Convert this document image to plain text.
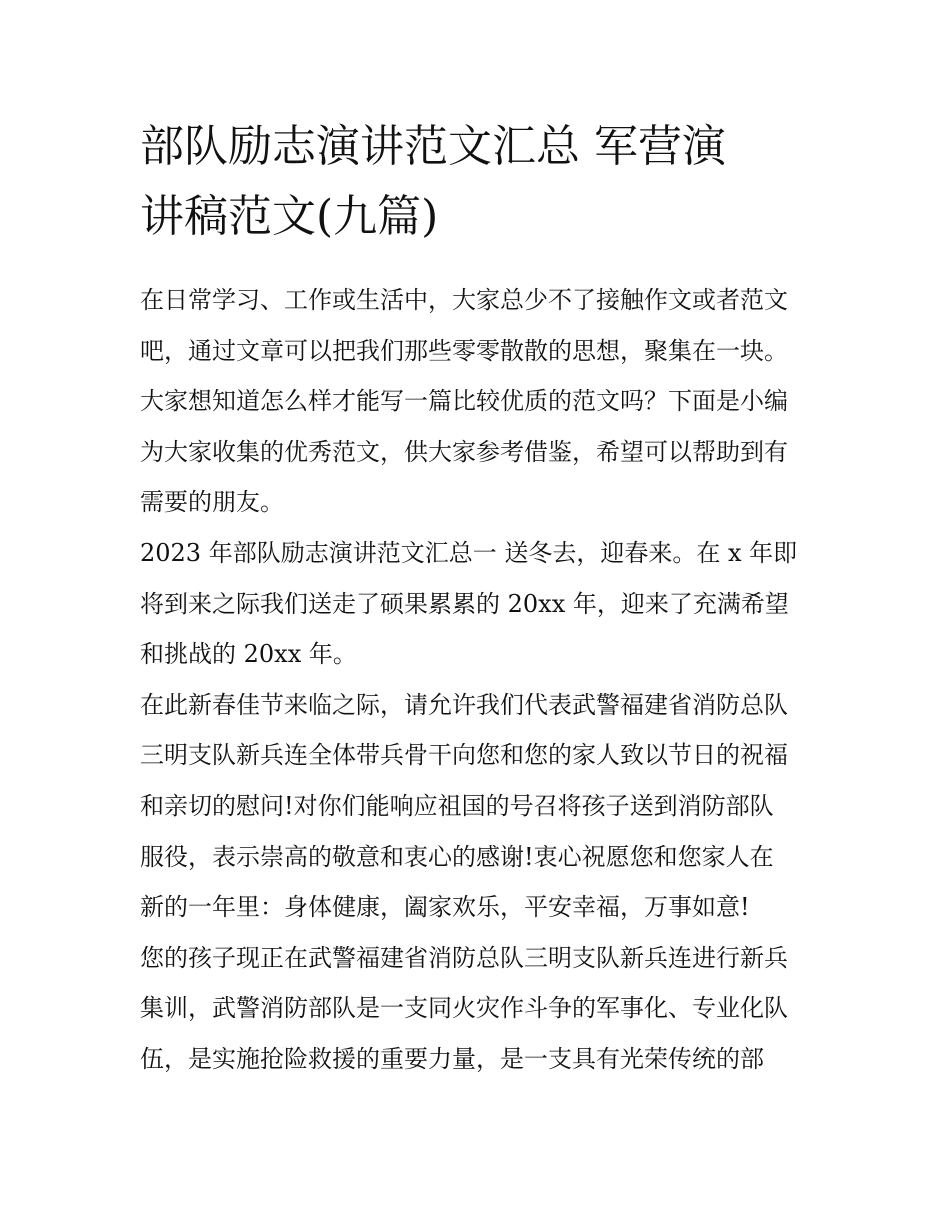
部队励志演讲范文汇总 军营演
讲稿范文(九篇)
在日常学习、工作或生活中，大家总少不了接触作文或者范文
吧，通过文章可以把我们那些零零散散的思想，聚集在一块。
大家想知道怎么样才能写一篇比较优质的范文吗？下面是小编
为大家收集的优秀范文，供大家参考借鉴，希望可以帮助到有
需要的朋友。
2023 年部队励志演讲范文汇总一 送冬去，迎春来。在 x 年即
将到来之际我们送走了硕果累累的 20xx 年，迎来了充满希望
和挑战的 20xx 年。
在此新春佳节来临之际，请允许我们代表武警福建省消防总队
三明支队新兵连全体带兵骨干向您和您的家人致以节日的祝福
和亲切的慰问!对你们能响应祖国的号召将孩子送到消防部队
服役，表示崇高的敬意和衷心的感谢!衷心祝愿您和您家人在
新的一年里：身体健康，阖家欢乐，平安幸福，万事如意!
您的孩子现正在武警福建省消防总队三明支队新兵连进行新兵
集训，武警消防部队是一支同火灾作斗争的军事化、专业化队
伍，是实施抢险救援的重要力量，是一支具有光荣传统的部
